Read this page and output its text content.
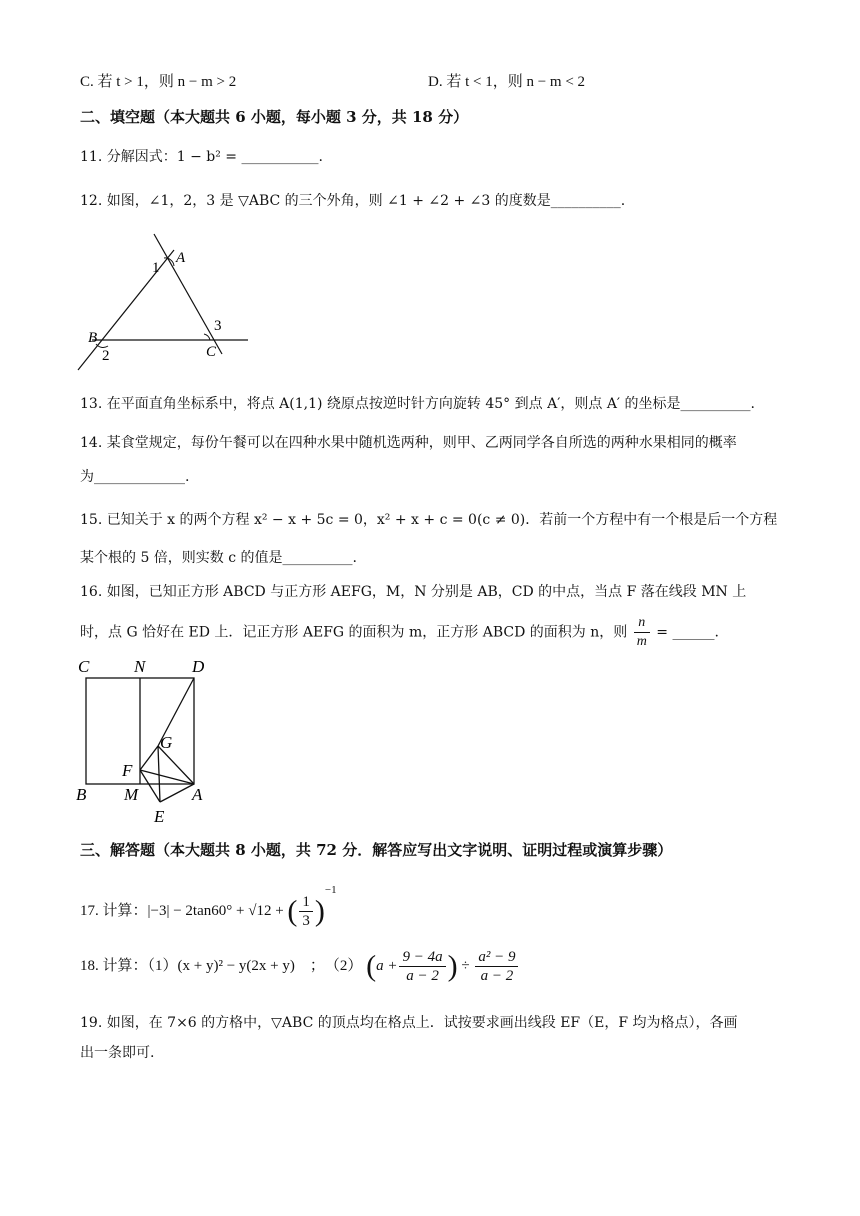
C. 若 t > 1，则 n − m > 2	D. 若 t < 1，则 n − m < 2
二、填空题（本大题共 6 小题，每小题 3 分，共 18 分）
11. 分解因式：1 − b² = ___________.
12. 如图，∠1，2，3 是 ▽ABC 的三个外角，则 ∠1 + ∠2 + ∠3 的度数是__________.
A
1
B
2	C
3
13. 在平面直角坐标系中，将点 A(1,1) 绕原点按逆时针方向旋转 45° 到点 A′，则点 A′ 的坐标是__________.
14. 某食堂规定，每份午餐可以在四种水果中随机选两种，则甲、乙两同学各自所选的两种水果相同的概率
为_____________.
15. 已知关于 x 的两个方程 x² − x + 5c = 0，x² + x + c = 0(c ≠ 0)．若前一个方程中有一个根是后一个方程
某个根的 5 倍，则实数 c 的值是__________.
16. 如图，已知正方形 ABCD 与正方形 AEFG，M，N 分别是 AB，CD 的中点，当点 F 落在线段 MN 上
时，点 G 恰好在 ED 上．记正方形 AEFG 的面积为 m，正方形 ABCD 的面积为 n，则 $\frac{n}{m}$ = ______.
C	N	D
G
F
B M	A
E
三、解答题（本大题共 8 小题，共 72 分．解答应写出文字说明、证明过程或演算步骤）
17. 计算：|−3| − 2tan60° + √12 + ( $\frac{1}{3} )^{-1}$
18. 计算：（1）(x + y)² − y(2x + y)　；　（2） ($a + \frac{9 - 4a}{a - 2}$ ) ÷ $\frac{\text{a² − 9}}{a - 2}$
19. 如图，在 7×6 的方格中，▽ABC 的顶点均在格点上．试按要求画出线段 EF（E，F 均为格点），各画
出一条即可.
